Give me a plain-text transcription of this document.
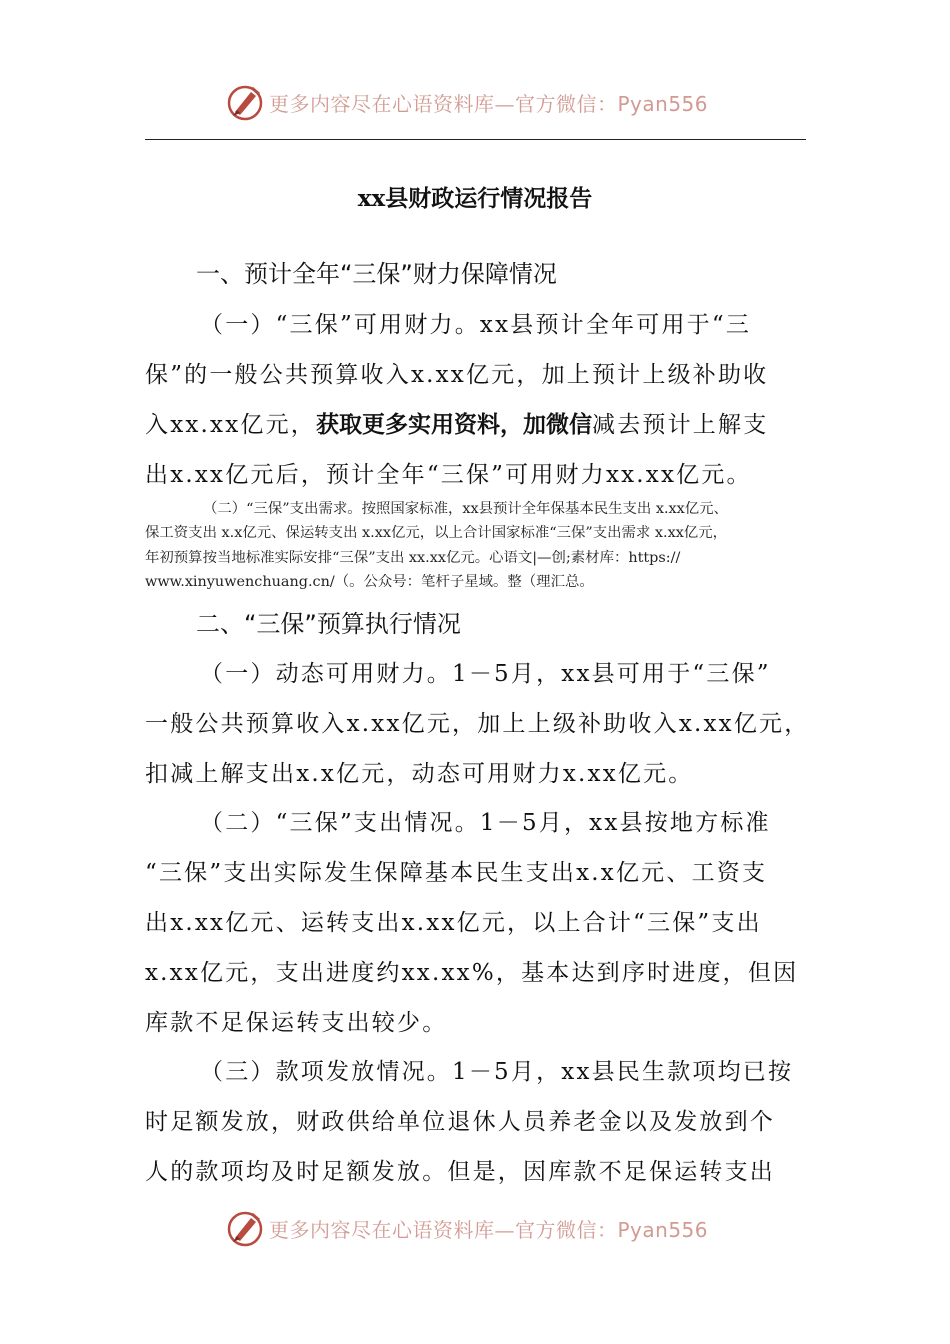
更多内容尽在心语资料库—官方微信：Pyan556
xx县财政运行情况报告
一、预计全年“三保”财力保障情况
（一）“三保”可用财力。xx县预计全年可用于“三
保”的一般公共预算收入x.xx亿元，加上预计上级补助收
入xx.xx亿元，获取更多实用资料，加微信减去预计上解支
出x.xx亿元后，预计全年“三保”可用财力xx.xx亿元。
（二）“三保”支出需求。按照国家标准，xx县预计全年保基本民生支出 x.xx亿元、
保工资支出 x.x亿元、保运转支出 x.xx亿元，以上合计国家标准“三保”支出需求 x.xx亿元，
年初预算按当地标准实际安排“三保”支出 xx.xx亿元。心语文|—创;素材库：https://
www.xinyuwenchuang.cn/（。公众号：笔杆子星域。整（理汇总。
二、“三保”预算执行情况
（一）动态可用财力。1－5月，xx县可用于“三保”
一般公共预算收入x.xx亿元，加上上级补助收入x.xx亿元，
扣减上解支出x.x亿元，动态可用财力x.xx亿元。
（二）“三保”支出情况。1－5月，xx县按地方标准
“三保”支出实际发生保障基本民生支出x.x亿元、工资支
出x.xx亿元、运转支出x.xx亿元，以上合计“三保”支出
x.xx亿元，支出进度约xx.xx%，基本达到序时进度，但因
库款不足保运转支出较少。
（三）款项发放情况。1－5月，xx县民生款项均已按
时足额发放，财政供给单位退休人员养老金以及发放到个
人的款项均及时足额发放。但是，因库款不足保运转支出
更多内容尽在心语资料库—官方微信：Pyan556
